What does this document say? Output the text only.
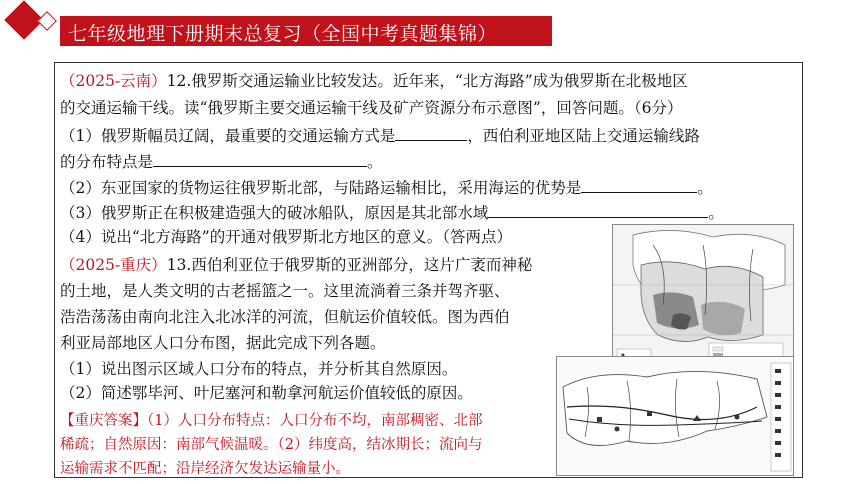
七年级地理下册期末总复习（全国中考真题集锦）
（2025-云南）12.俄罗斯交通运输业比较发达。近年来，“北方海路”成为俄罗斯在北极地区
的交通运输干线。读“俄罗斯主要交通运输干线及矿产资源分布示意图”，回答问题。（6分）
（1）俄罗斯幅员辽阔，最重要的交通运输方式是	，西伯利亚地区陆上交通运输线路
的分布特点是	。
（2）东亚国家的货物运往俄罗斯北部，与陆路运输相比，采用海运的优势是	。
（3）俄罗斯正在积极建造强大的破冰船队，原因是其北部水域	。
（4）说出“北方海路”的开通对俄罗斯北方地区的意义。（答两点）
（2025-重庆）13.西伯利亚位于俄罗斯的亚洲部分，这片广袤而神秘
的土地，是人类文明的古老摇篮之一。这里流淌着三条并驾齐驱、
浩浩荡荡由南向北注入北冰洋的河流，但航运价值较低。图为西伯
利亚局部地区人口分布图，据此完成下列各题。
（1）说出图示区域人口分布的特点，并分析其自然原因。
（2）简述鄂毕河、叶尼塞河和勒拿河航运价值较低的原因。
【重庆答案】（1）人口分布特点：人口分布不均，南部稠密、北部
稀疏；自然原因：南部气候温暖。（2）纬度高，结冰期长；流向与
运输需求不匹配；沿岸经济欠发达运输量小。
